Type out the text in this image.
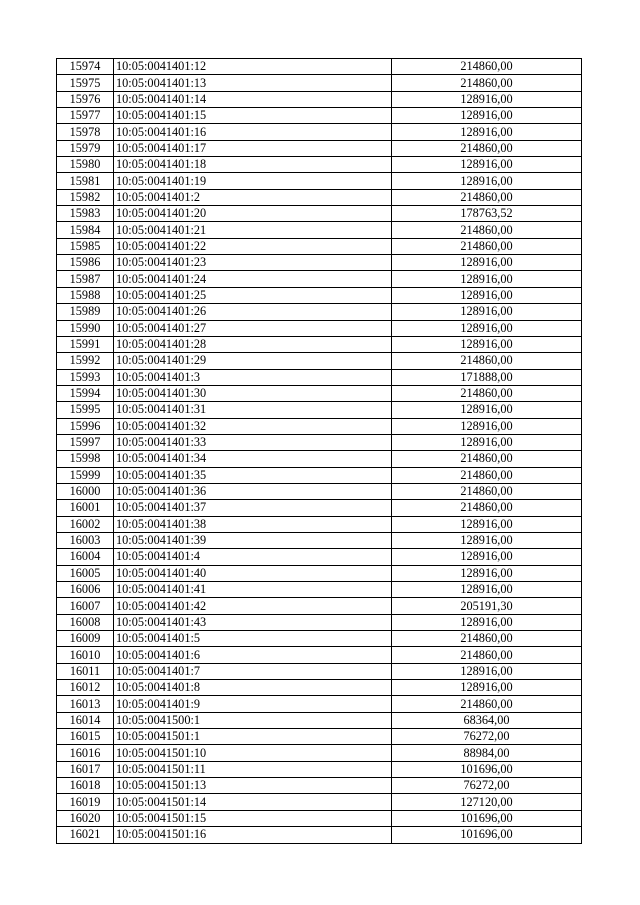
15974	10:05:0041401:12	214860,00
15975	10:05:0041401:13	214860,00
15976	10:05:0041401:14	128916,00
15977	10:05:0041401:15	128916,00
15978	10:05:0041401:16	128916,00
15979	10:05:0041401:17	214860,00
15980	10:05:0041401:18	128916,00
15981	10:05:0041401:19	128916,00
15982	10:05:0041401:2	214860,00
15983	10:05:0041401:20	178763,52
15984	10:05:0041401:21	214860,00
15985	10:05:0041401:22	214860,00
15986	10:05:0041401:23	128916,00
15987	10:05:0041401:24	128916,00
15988	10:05:0041401:25	128916,00
15989	10:05:0041401:26	128916,00
15990	10:05:0041401:27	128916,00
15991	10:05:0041401:28	128916,00
15992	10:05:0041401:29	214860,00
15993	10:05:0041401:3	171888,00
15994	10:05:0041401:30	214860,00
15995	10:05:0041401:31	128916,00
15996	10:05:0041401:32	128916,00
15997	10:05:0041401:33	128916,00
15998	10:05:0041401:34	214860,00
15999	10:05:0041401:35	214860,00
16000	10:05:0041401:36	214860,00
16001	10:05:0041401:37	214860,00
16002	10:05:0041401:38	128916,00
16003	10:05:0041401:39	128916,00
16004	10:05:0041401:4	128916,00
16005	10:05:0041401:40	128916,00
16006	10:05:0041401:41	128916,00
16007	10:05:0041401:42	205191,30
16008	10:05:0041401:43	128916,00
16009	10:05:0041401:5	214860,00
16010	10:05:0041401:6	214860,00
16011	10:05:0041401:7	128916,00
16012	10:05:0041401:8	128916,00
16013	10:05:0041401:9	214860,00
16014	10:05:0041500:1	68364,00
16015	10:05:0041501:1	76272,00
16016	10:05:0041501:10	88984,00
16017	10:05:0041501:11	101696,00
16018	10:05:0041501:13	76272,00
16019	10:05:0041501:14	127120,00
16020	10:05:0041501:15	101696,00
16021	10:05:0041501:16	101696,00
